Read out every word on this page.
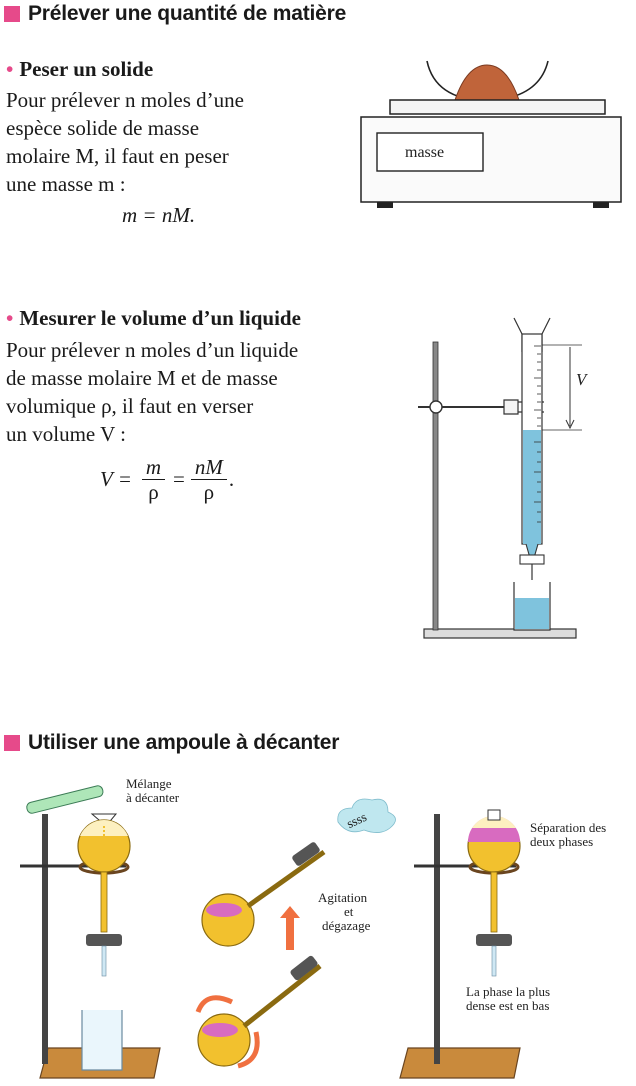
Prélever une quantité de matière
• Peser un solide
Pour prélever n moles d’une
espèce solide de masse
molaire M, il faut en peser
une masse m :
m = nM.
masse
• Mesurer le volume d’un liquide
Pour prélever n moles d’un liquide
de masse molaire M et de masse
volumique ρ, il faut en verser
un volume V :
$V = \frac{m}{\rho} = \frac{nM}{\rho}$ .
V
Utiliser une ampoule à décanter
Mélange
à décanter
ssss
Agitation
et
dégazage
Séparation des
deux phases
La phase la plus
dense est en bas
